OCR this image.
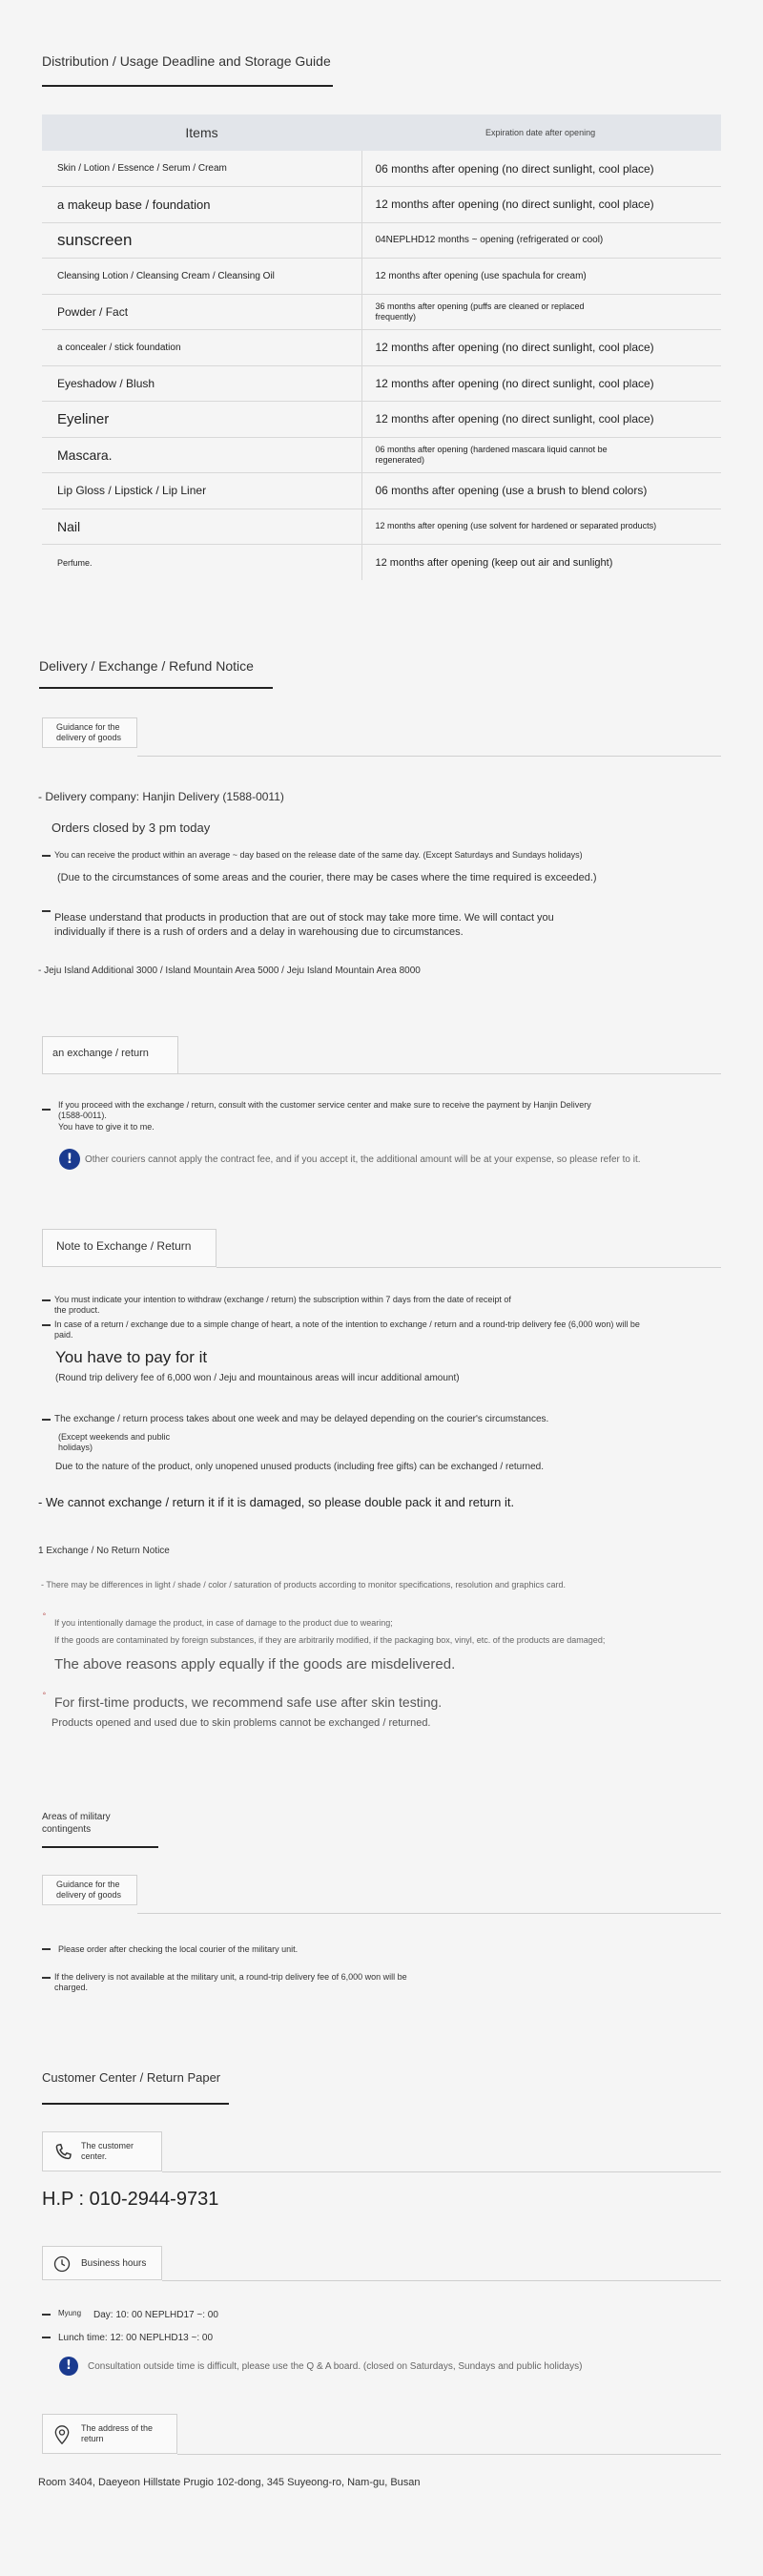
Distribution / Usage Deadline and Storage Guide
Items	Expiration date after opening

Skin / Lotion / Essence / Serum / Cream	06 months after opening (no direct sunlight, cool place)
a makeup base / foundation	12 months after opening (no direct sunlight, cool place)
sunscreen	04NEPLHD12 months ~ opening (refrigerated or cool)
Cleansing Lotion / Cleansing Cream / Cleansing Oil	12 months after opening (use spachula for cream)
Powder / Fact	36 months after opening (puffs are cleaned or replaced frequently)
a concealer / stick foundation	12 months after opening (no direct sunlight, cool place)
Eyeshadow / Blush	12 months after opening (no direct sunlight, cool place)
Eyeliner	12 months after opening (no direct sunlight, cool place)
Mascara.	06 months after opening (hardened mascara liquid cannot be regenerated)
Lip Gloss / Lipstick / Lip Liner	06 months after opening (use a brush to blend colors)
Nail	12 months after opening (use solvent for hardened or separated products)
Perfume.	12 months after opening (keep out air and sunlight)
Delivery / Exchange / Refund Notice
Guidance for the delivery of goods
- Delivery company: Hanjin Delivery (1588-0011)
Orders closed by 3 pm today
You can receive the product within an average ~ day based on the release date of the same day. (Except Saturdays and Sundays holidays)
(Due to the circumstances of some areas and the courier, there may be cases where the time required is exceeded.)
Please understand that products in production that are out of stock may take more time. We will contact you individually if there is a rush of orders and a delay in warehousing due to circumstances.
- Jeju Island Additional 3000 / Island Mountain Area 5000 / Jeju Island Mountain Area 8000
an exchange / return
If you proceed with the exchange / return, consult with the customer service center and make sure to receive the payment by Hanjin Delivery (1588-0011).
You have to give it to me.
!	Other couriers cannot apply the contract fee, and if you accept it, the additional amount will be at your expense, so please refer to it.
Note to Exchange / Return
You must indicate your intention to withdraw (exchange / return) the subscription within 7 days from the date of receipt of the product.
In case of a return / exchange due to a simple change of heart, a note of the intention to exchange / return and a round-trip delivery fee (6,000 won) will be paid.
You have to pay for it
(Round trip delivery fee of 6,000 won / Jeju and mountainous areas will incur additional amount)
The exchange / return process takes about one week and may be delayed depending on the courier's circumstances.
(Except weekends and public holidays)
Due to the nature of the product, only unopened unused products (including free gifts) can be exchanged / returned.
- We cannot exchange / return it if it is damaged, so please double pack it and return it.
1 Exchange / No Return Notice
- There may be differences in light / shade / color / saturation of products according to monitor specifications, resolution and graphics card.
˚ If you intentionally damage the product, in case of damage to the product due to wearing;
If the goods are contaminated by foreign substances, if they are arbitrarily modified, if the packaging box, vinyl, etc. of the products are damaged;
The above reasons apply equally if the goods are misdelivered.
˚ For first-time products, we recommend safe use after skin testing.
Products opened and used due to skin problems cannot be exchanged / returned.
Areas of military contingents
Guidance for the delivery of goods
Please order after checking the local courier of the military unit.
If the delivery is not available at the military unit, a round-trip delivery fee of 6,000 won will be charged.
Customer Center / Return Paper
The customer center.
H.P : 010-2944-9731
Business hours
Myung Day: 10: 00 NEPLHD17 ~: 00
Lunch time: 12: 00 NEPLHD13 ~: 00
!	Consultation outside time is difficult, please use the Q & A board. (closed on Saturdays, Sundays and public holidays)
The address of the return
Room 3404, Daeyeon Hillstate Prugio 102-dong, 345 Suyeong-ro, Nam-gu, Busan
